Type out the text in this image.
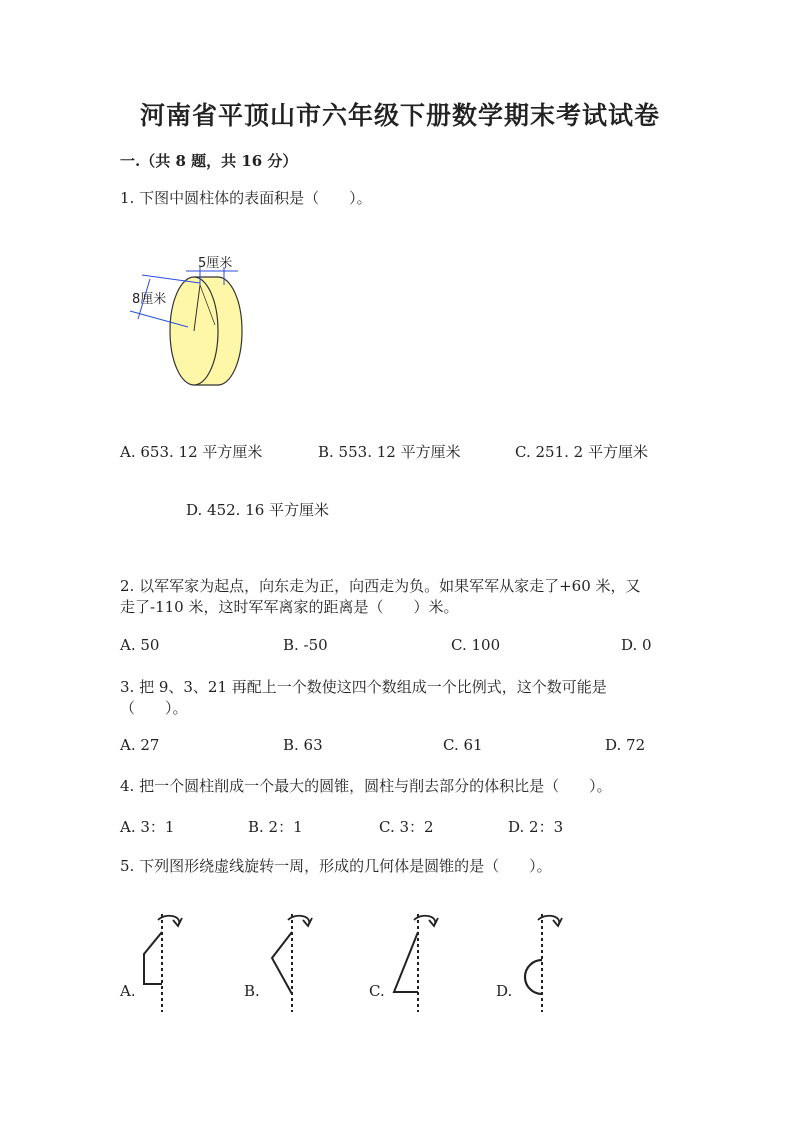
河南省平顶山市六年级下册数学期末考试试卷
一.（共 8 题，共 16 分）
1. 下图中圆柱体的表面积是（　　）。
5厘米
8厘米
A. 653. 12 平方厘米	B. 553. 12 平方厘米	C. 251. 2 平方厘米
D. 452. 16 平方厘米
2. 以军军家为起点，向东走为正，向西走为负。如果军军从家走了+60 米，又
走了-110 米，这时军军离家的距离是（　　）米。
A. 50	B. -50	C. 100	D. 0
3. 把 9、3、21 再配上一个数使这四个数组成一个比例式，这个数可能是
（　　）。
A. 27	B. 63	C. 61	D. 72
4. 把一个圆柱削成一个最大的圆锥，圆柱与削去部分的体积比是（　　）。
A. 3：1	B. 2：1	C. 3：2	D. 2：3
5. 下列图形绕虚线旋转一周，形成的几何体是圆锥的是（　　）。
A.	B.	C.	D.
